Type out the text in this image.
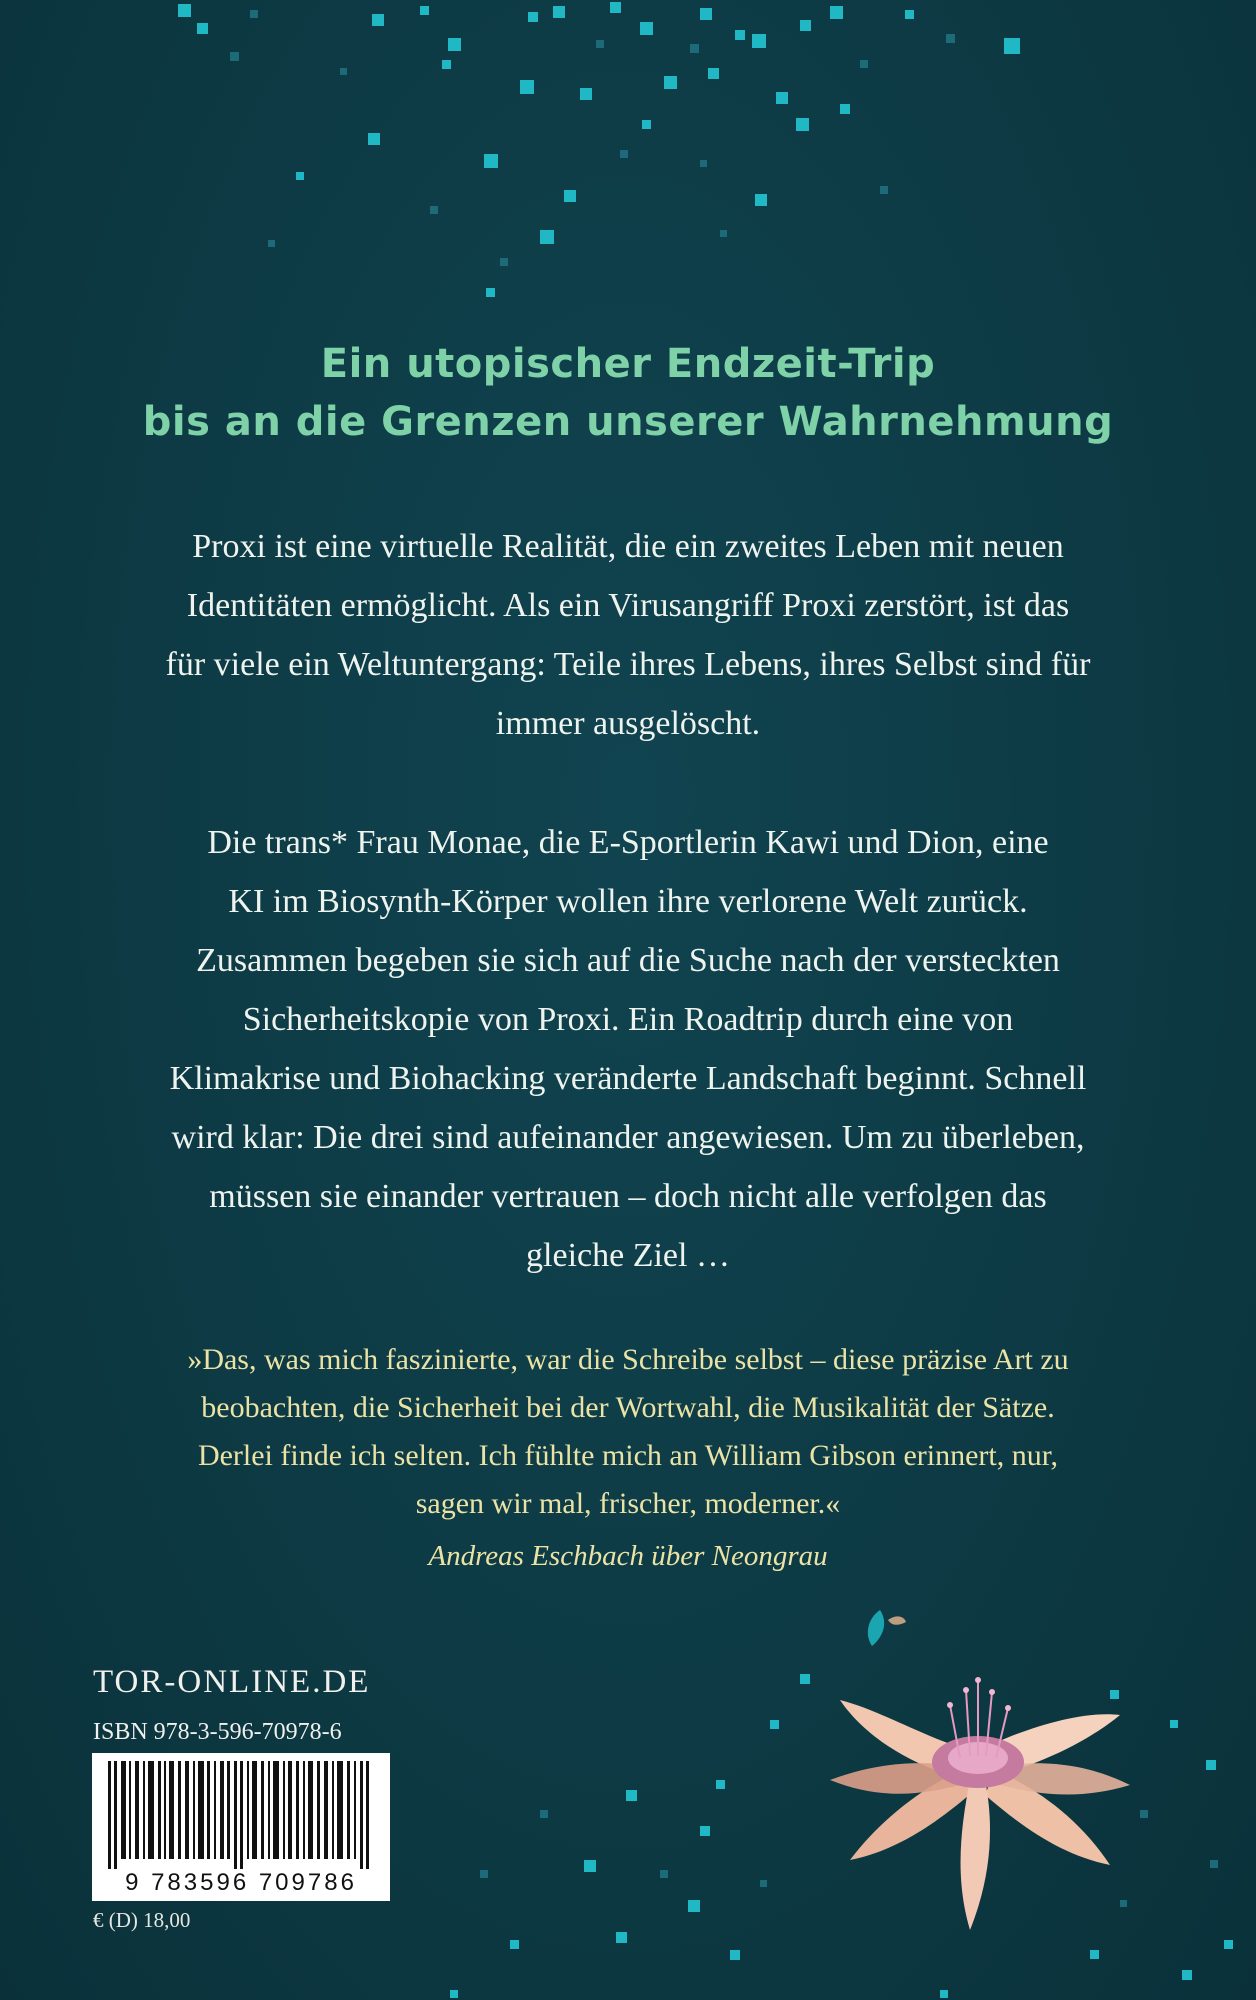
Ein utopischer Endzeit-Trip
bis an die Grenzen unserer Wahrnehmung
Proxi ist eine virtuelle Realität, die ein zweites Leben mit neuen
Identitäten ermöglicht. Als ein Virusangriff Proxi zerstört, ist das
für viele ein Weltuntergang: Teile ihres Lebens, ihres Selbst sind für
immer ausgelöscht.
Die trans* Frau Monae, die E-Sportlerin Kawi und Dion, eine
KI im Biosynth-Körper wollen ihre verlorene Welt zurück.
Zusammen begeben sie sich auf die Suche nach der versteckten
Sicherheitskopie von Proxi. Ein Roadtrip durch eine von
Klimakrise und Biohacking veränderte Landschaft beginnt. Schnell
wird klar: Die drei sind aufeinander angewiesen. Um zu überleben,
müssen sie einander vertrauen – doch nicht alle verfolgen das
gleiche Ziel …
»Das, was mich faszinierte, war die Schreibe selbst – diese präzise Art zu
beobachten, die Sicherheit bei der Wortwahl, die Musikalität der Sätze.
Derlei finde ich selten. Ich fühlte mich an William Gibson erinnert, nur,
sagen wir mal, frischer, moderner.«
Andreas Eschbach über Neongrau
TOR-ONLINE.DE
ISBN 978-3-596-70978-6
9 783596 709786
€ (D) 18,00
